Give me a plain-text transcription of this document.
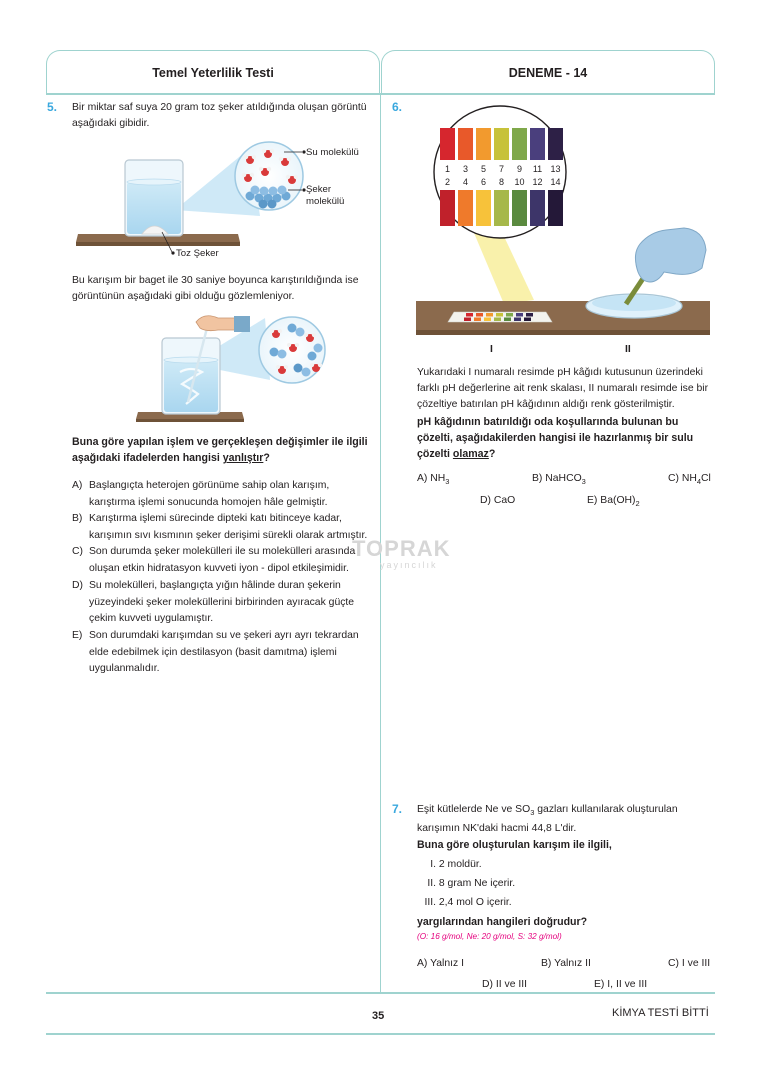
Temel Yeterlilik Testi	DENEME - 14
5. Bir miktar saf suya 20 gram toz şeker atıldığında oluşan görüntü aşağıdaki gibidir.
Su molekülü
Şeker
molekülü
Toz Şeker
Bu karışım bir baget ile 30 saniye boyunca karıştırıldığında ise görüntünün aşağıdaki gibi olduğu gözlemleniyor.
Buna göre yapılan işlem ve gerçekleşen değişimler ile ilgili aşağıdaki ifadelerden hangisi yanlıştır?
A) Başlangıçta heterojen görünüme sahip olan karışım, karıştırma işlemi sonucunda homojen hâle gelmiştir.
B) Karıştırma işlemi sürecinde dipteki katı bitinceye kadar, karışımın sıvı kısmının şeker derişimi sürekli olarak artmıştır.
C) Son durumda şeker molekülleri ile su molekülleri arasında oluşan etkin hidratasyon kuvveti iyon - dipol etkileşimidir.
D) Su molekülleri, başlangıçta yığın hâlinde duran şekerin yüzeyindeki şeker moleküllerini birbirinden ayıracak güçte çekim kuvveti uygulamıştır.
E) Son durumdaki karışımdan su ve şekeri ayrı ayrı tekrardan elde edebilmek için destilasyon (basit damıtma) işlemi uygulanmalıdır.
TOPRAK
yayıncılık
6.
1
2
3
4
5
6
7
8
9
10
11
12
13
14
I	II
Yukarıdaki I numaralı resimde pH kâğıdı kutusunun üzerindeki farklı pH değerlerine ait renk skalası, II numaralı resimde ise bir çözeltiye batırılan pH kâğıdının aldığı renk gösterilmiştir.
pH kâğıdının batırıldığı oda koşullarında bulunan bu çözelti, aşağıdakilerden hangisi ile hazırlanmış bir sulu çözelti olamaz?
A) $NH_3$	B) NaHCO$_3$	C) $NH_4Cl$
D) CaO	E) $Ba(OH)_2$
7. Eşit kütlelerde Ne ve $SO_3$ gazları kullanılarak oluşturulan karışımın NK'daki hacmi 44,8 L'dir.
Buna göre oluşturulan karışım ile ilgili,
I. 2 moldür.
II. 8 gram Ne içerir.
III. 2,4 mol O içerir.
yargılarından hangileri doğrudur?
(O: 16 g/mol, Ne: 20 g/mol, S: 32 g/mol)
A) Yalnız I	B) Yalnız II	C) I ve III
D) II ve III	E) I, II ve III
35	KİMYA TESTİ BİTTİ
